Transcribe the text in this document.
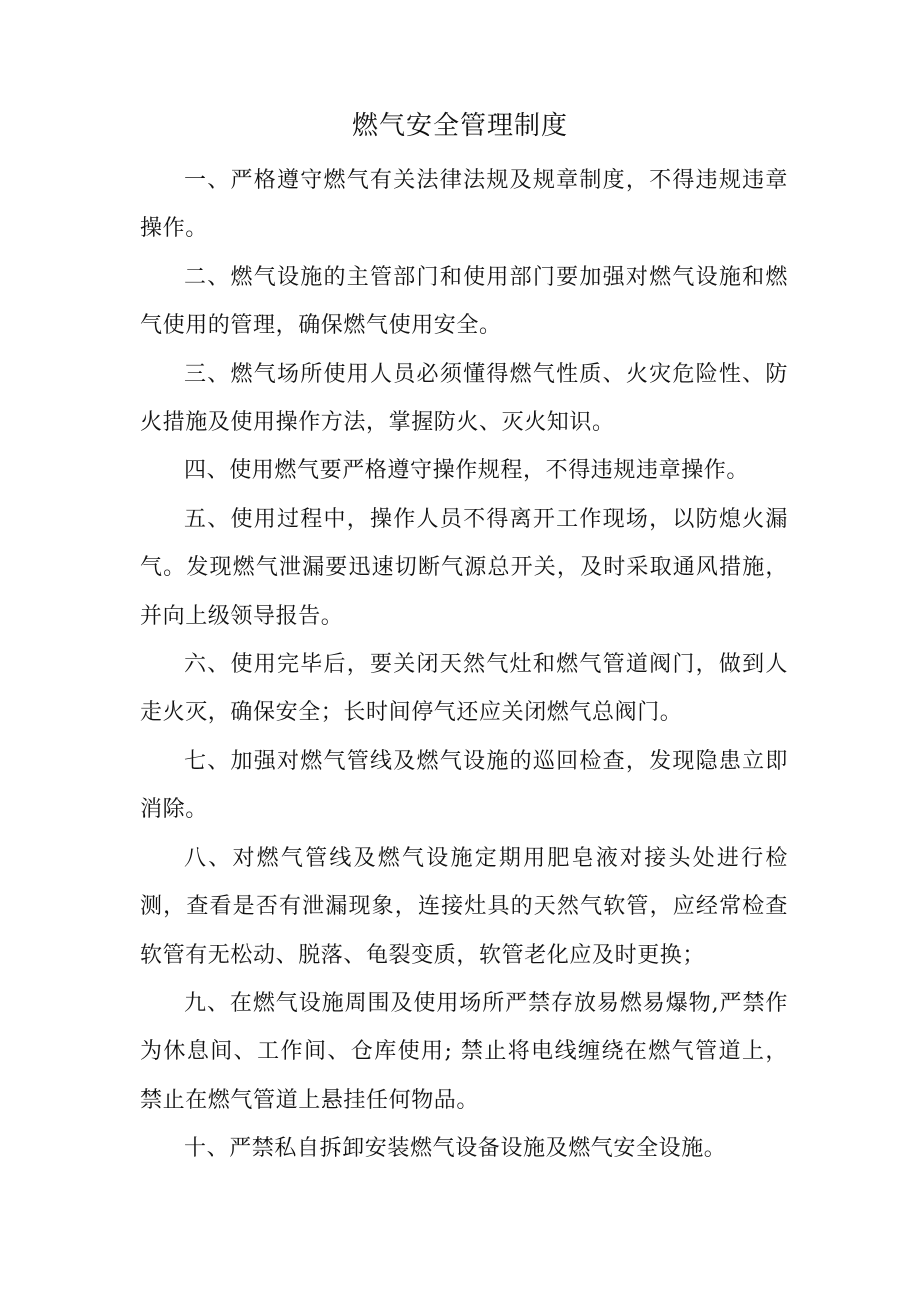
燃气安全管理制度

一、严格遵守燃气有关法律法规及规章制度，不得违规违章操作。

二、燃气设施的主管部门和使用部门要加强对燃气设施和燃气使用的管理，确保燃气使用安全。

三、燃气场所使用人员必须懂得燃气性质、火灾危险性、防火措施及使用操作方法，掌握防火、灭火知识。

四、使用燃气要严格遵守操作规程，不得违规违章操作。

五、使用过程中，操作人员不得离开工作现场，以防熄火漏气。发现燃气泄漏要迅速切断气源总开关，及时采取通风措施，并向上级领导报告。

六、使用完毕后，要关闭天然气灶和燃气管道阀门，做到人走火灭，确保安全；长时间停气还应关闭燃气总阀门。

七、加强对燃气管线及燃气设施的巡回检查，发现隐患立即消除。

八、对燃气管线及燃气设施定期用肥皂液对接头处进行检测，查看是否有泄漏现象，连接灶具的天然气软管，应经常检查软管有无松动、脱落、龟裂变质，软管老化应及时更换；

九、在燃气设施周围及使用场所严禁存放易燃易爆物,严禁作为休息间、工作间、仓库使用; 禁止将电线缠绕在燃气管道上，禁止在燃气管道上悬挂任何物品。

十、严禁私自拆卸安装燃气设备设施及燃气安全设施。
